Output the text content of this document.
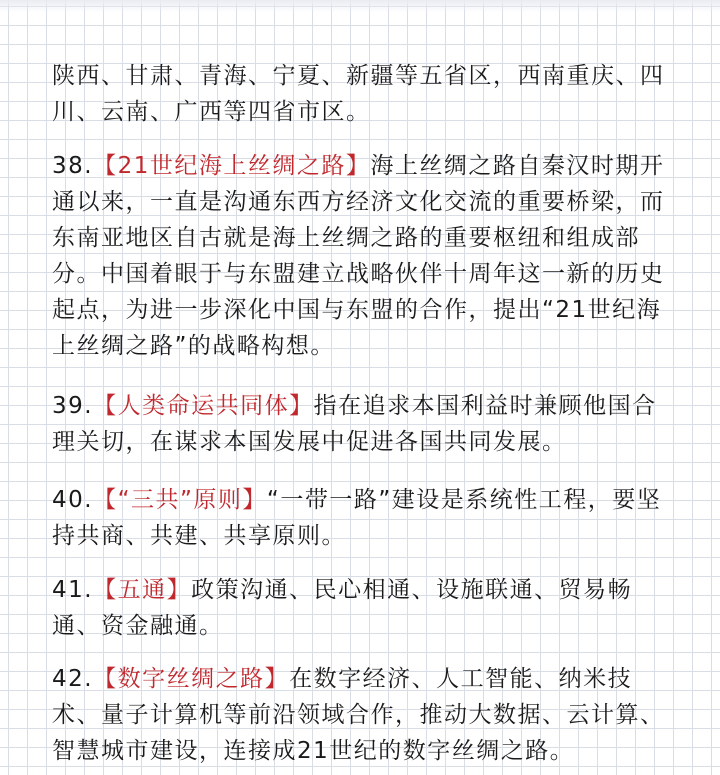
陕西、甘肃、青海、宁夏、新疆等五省区，西南重庆、四川、云南、广西等四省市区。

38.【21世纪海上丝绸之路】海上丝绸之路自秦汉时期开通以来，一直是沟通东西方经济文化交流的重要桥梁，而东南亚地区自古就是海上丝绸之路的重要枢纽和组成部分。中国着眼于与东盟建立战略伙伴十周年这一新的历史起点，为进一步深化中国与东盟的合作，提出“21世纪海上丝绸之路”的战略构想。

39.【人类命运共同体】指在追求本国利益时兼顾他国合理关切，在谋求本国发展中促进各国共同发展。

40.【“三共”原则】“一带一路”建设是系统性工程，要坚持共商、共建、共享原则。

41.【五通】政策沟通、民心相通、设施联通、贸易畅通、资金融通。

42.【数字丝绸之路】在数字经济、人工智能、纳米技术、量子计算机等前沿领域合作，推动大数据、云计算、智慧城市建设，连接成21世纪的数字丝绸之路。
